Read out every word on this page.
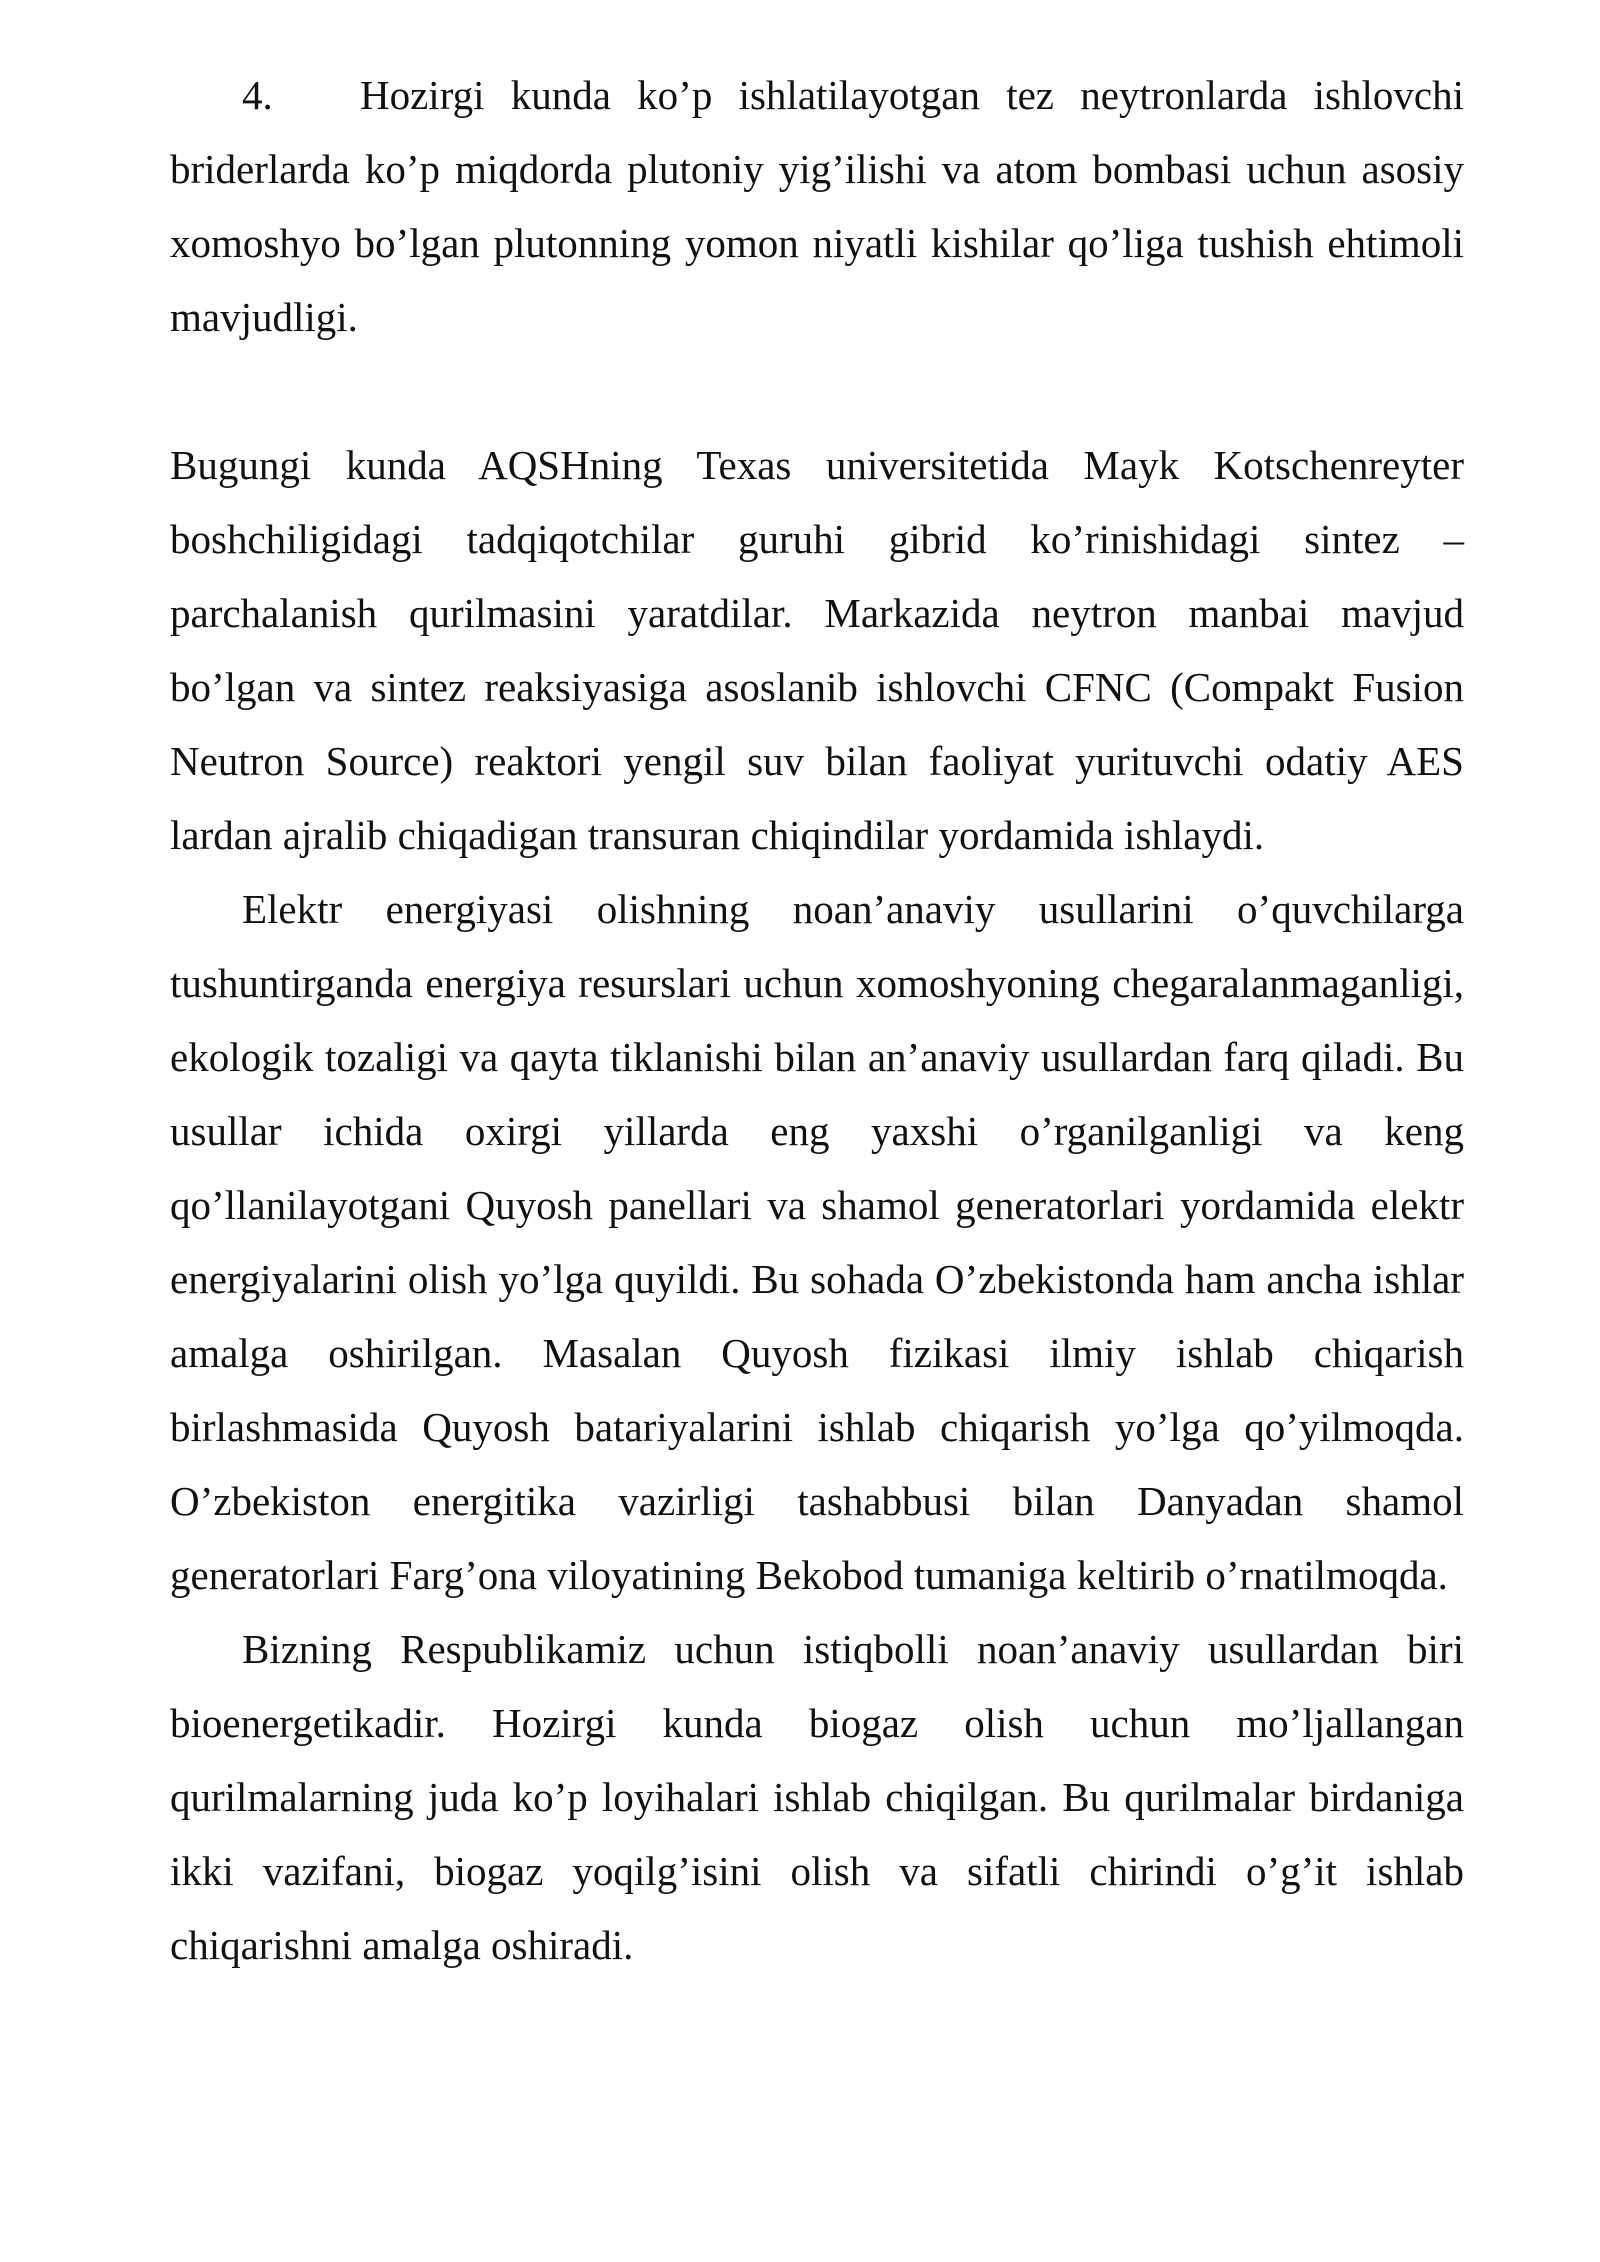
4. Hozirgi kunda ko’p ishlatilayotgan tez neytronlarda ishlovchi briderlarda ko’p miqdorda plutoniy yig’ilishi va atom bombasi uchun asosiy xomoshyo bo’lgan plutonning yomon niyatli kishilar qo’liga tushish ehtimoli mavjudligi.

Bugungi kunda AQSHning Texas universitetida Mayk Kotschenreyter boshchiligidagi tadqiqotchilar guruhi gibrid ko’rinishidagi sintez – parchalanish qurilmasini yaratdilar. Markazida neytron manbai mavjud bo’lgan va sintez reaksiyasiga asoslanib ishlovchi CFNC (Compakt Fusion Neutron Source) reaktori yengil suv bilan faoliyat yurituvchi odatiy AES lardan ajralib chiqadigan transuran chiqindilar yordamida ishlaydi.

Elektr energiyasi olishning noan’anaviy usullarini o’quvchilarga tushuntirganda energiya resurslari uchun xomoshyoning chegaralanmaganligi, ekologik tozaligi va qayta tiklanishi bilan an’anaviy usullardan farq qiladi. Bu usullar ichida oxirgi yillarda eng yaxshi o’rganilganligi va keng qo’llanilayotgani Quyosh panellari va shamol generatorlari yordamida elektr energiyalarini olish yo’lga quyildi. Bu sohada O’zbekistonda ham ancha ishlar amalga oshirilgan. Masalan Quyosh fizikasi ilmiy ishlab chiqarish birlashmasida Quyosh batariyalarini ishlab chiqarish yo’lga qo’yilmoqda. O’zbekiston energitika vazirligi tashabbusi bilan Danyadan shamol generatorlari Farg’ona viloyatining Bekobod tumaniga keltirib o’rnatilmoqda.

Bizning Respublikamiz uchun istiqbolli noan’anaviy usullardan biri bioenergetikadir. Hozirgi kunda biogaz olish uchun mo’ljallangan qurilmalarning juda ko’p loyihalari ishlab chiqilgan. Bu qurilmalar birdaniga ikki vazifani, biogaz yoqilg’isini olish va sifatli chirindi o’g’it ishlab chiqarishni amalga oshiradi.
